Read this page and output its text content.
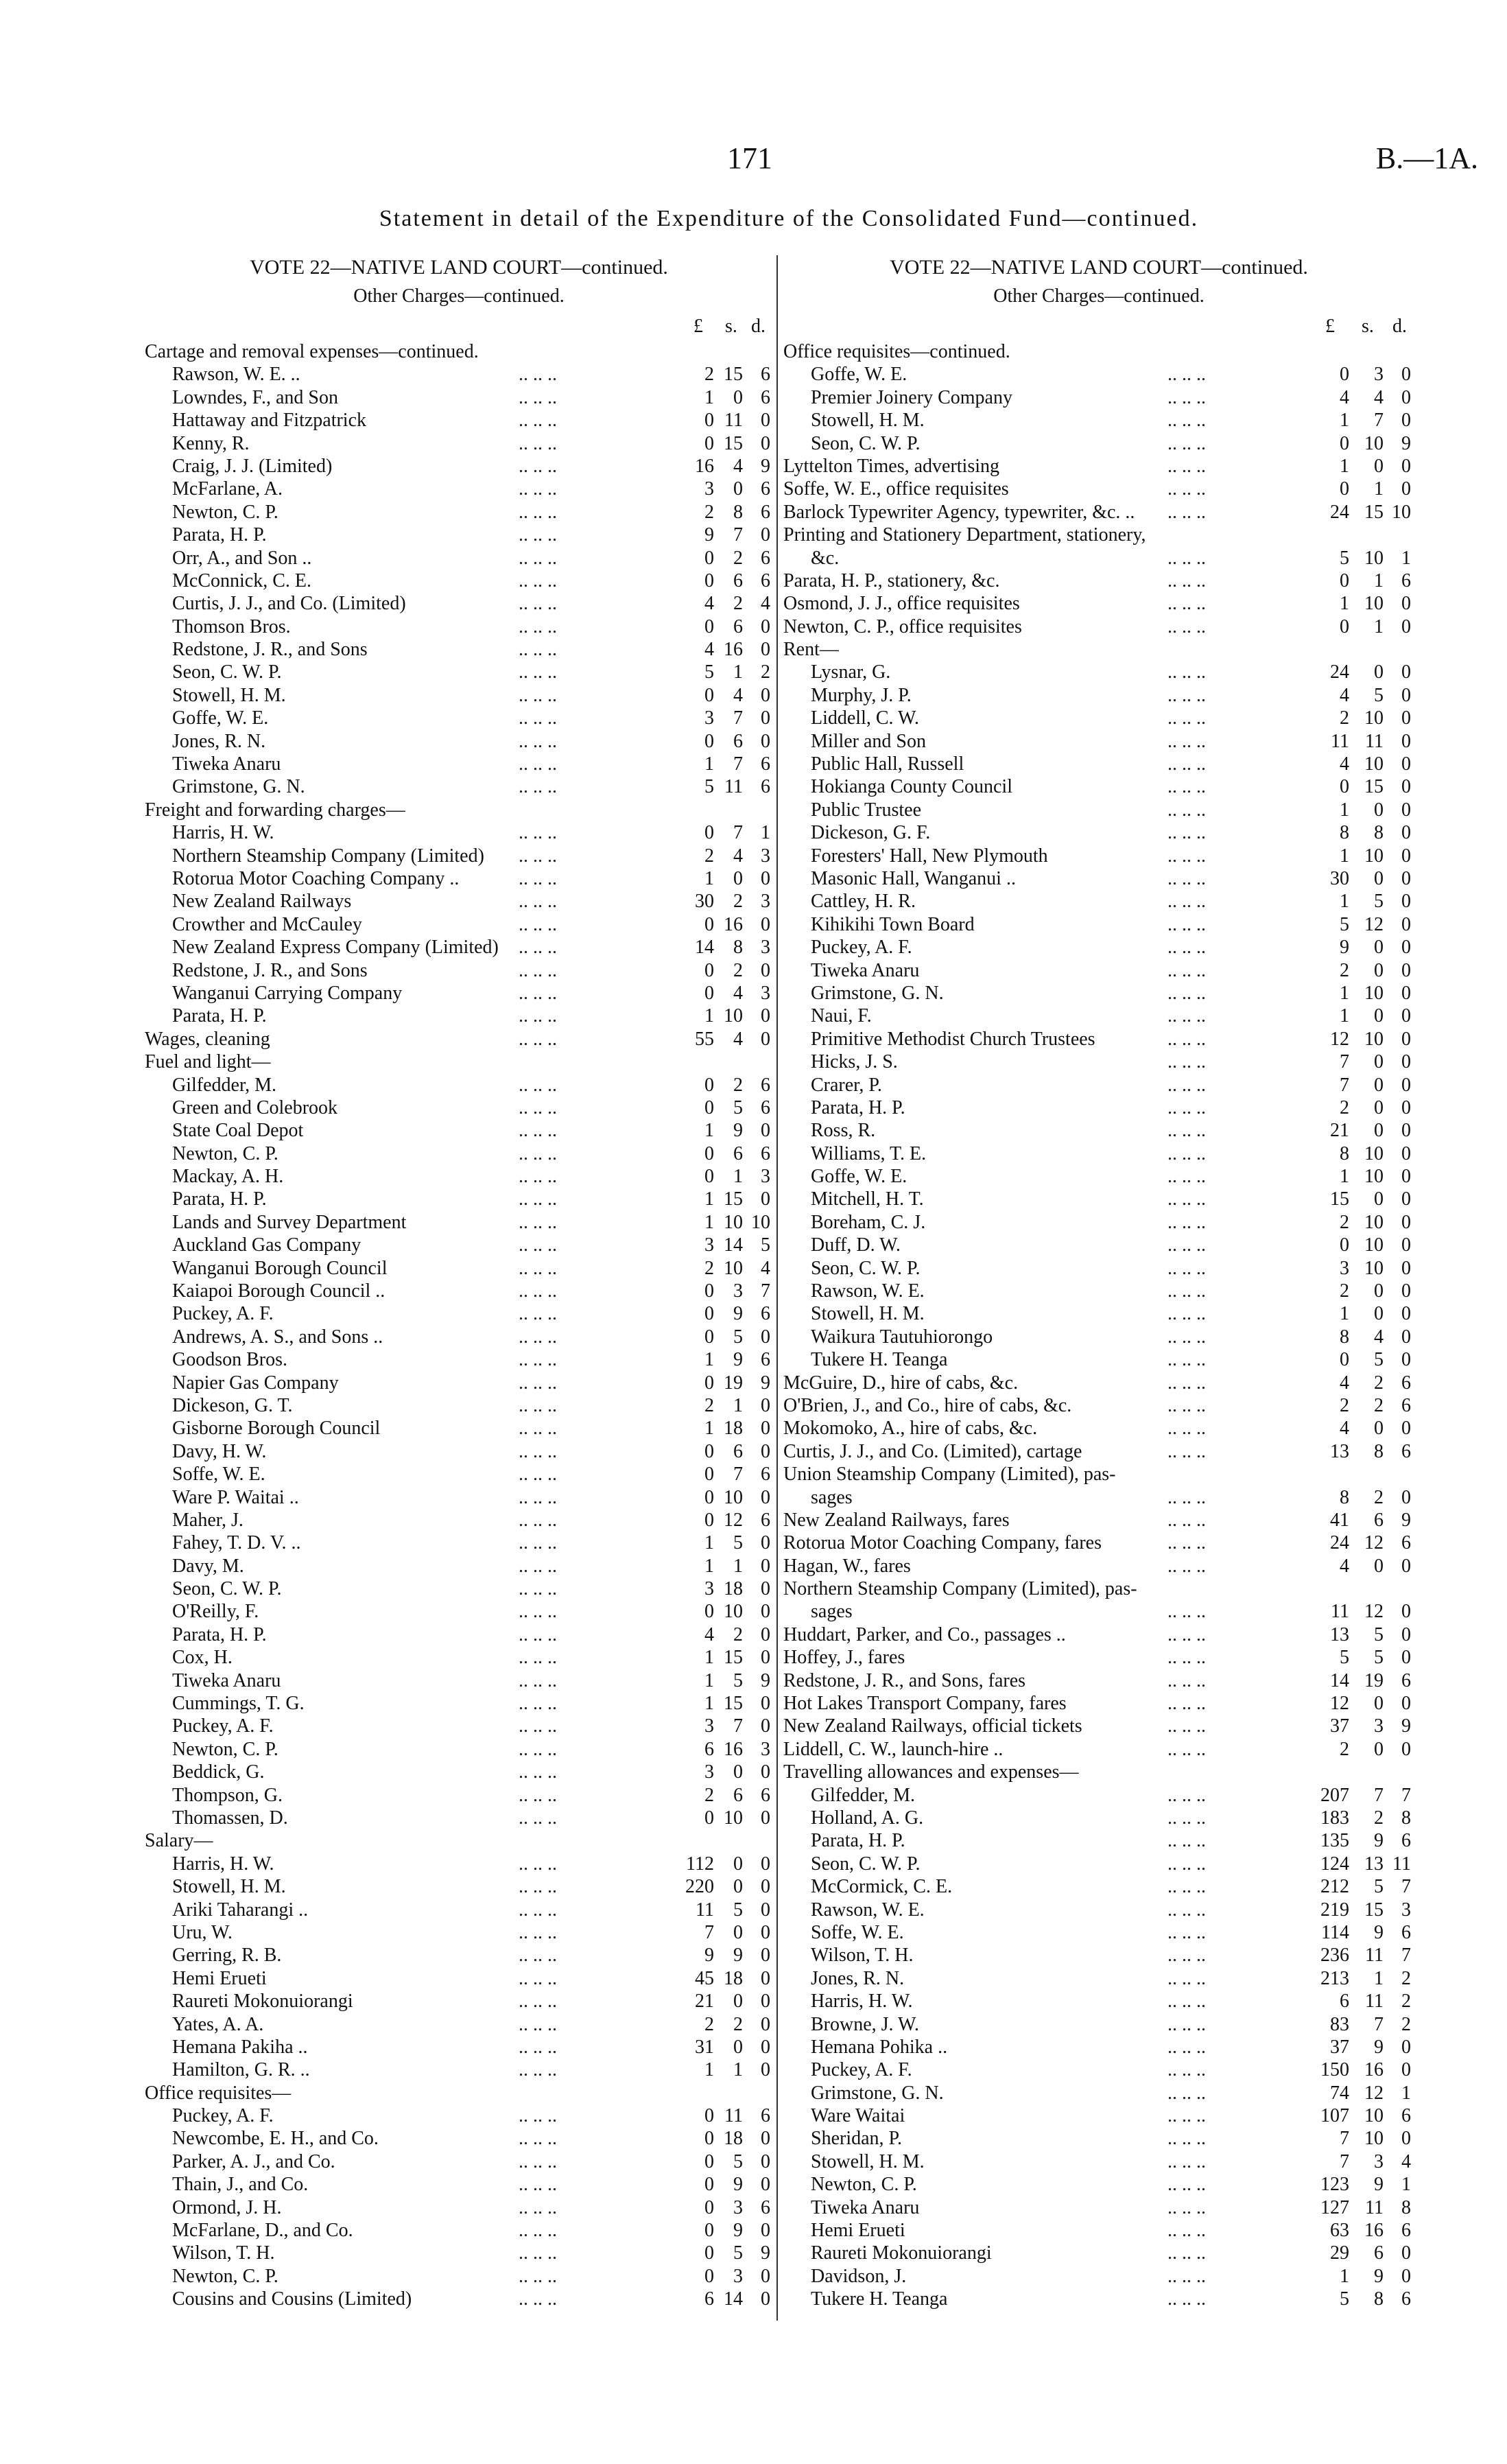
171	B.—1A.
Statement in detail of the Expenditure of the Consolidated Fund—continued.
VOTE 22—NATIVE LAND COURT—continued.
Other Charges—continued.
£ s. d.
Cartage and removal expenses—continued.
Rawson, W. E. ..	.. .. ..	2 15 6
Lowndes, F., and Son	.. .. ..	1	0 6
Hattaway and Fitzpatrick	.. .. ..	0 11 0
Kenny, R.	.. .. ..	0 15 0
Craig, J. J. (Limited)	.. .. ..	16	4 9
McFarlane, A.	.. .. ..	3	0 6
Newton, C. P.	.. .. ..	2	8 6
Parata, H. P.	.. .. ..	9	7 0
Orr, A., and Son ..	.. .. ..	0	2 6
McConnick, C. E.	.. .. ..	0	6 6
Curtis, J. J., and Co. (Limited)	.. .. ..	4	2 4
Thomson Bros.	.. .. ..	0	6 0
Redstone, J. R., and Sons	.. .. ..	4 16 0
Seon, C. W. P.	.. .. ..	5	1 2
Stowell, H. M.	.. .. ..	0	4 0
Goffe, W. E.	.. .. ..	3	7 0
Jones, R. N.	.. .. ..	0	6 0
Tiweka Anaru	.. .. ..	1	7 6
Grimstone, G. N.	.. .. ..	5 11 6
Freight and forwarding charges—
Harris, H. W.	.. .. ..	0	7 1
Northern Steamship Company (Limited) .. .. ..	2	4 3
Rotorua Motor Coaching Company ..	.. .. ..	1	0 0
New Zealand Railways	.. .. ..	30	2 3
Crowther and McCauley	.. .. ..	0 16 0
New Zealand Express Company (Limited) .. .. ..	14	8 3
Redstone, J. R., and Sons	.. .. ..	0	2 0
Wanganui Carrying Company	.. .. ..	0	4 3
Parata, H. P.	.. .. ..	1 10 0
Wages, cleaning	.. .. ..	55	4 0
Fuel and light—
Gilfedder, M.	.. .. ..	0	2 6
Green and Colebrook	.. .. ..	0	5 6
State Coal Depot	.. .. ..	1	9 0
Newton, C. P.	.. .. ..	0	6 6
Mackay, A. H.	.. .. ..	0	1 3
Parata, H. P.	.. .. ..	1 15 0
Lands and Survey Department	.. .. ..	1 10 10
Auckland Gas Company	.. .. ..	3 14 5
Wanganui Borough Council	.. .. ..	2 10 4
Kaiapoi Borough Council ..	.. .. ..	0	3 7
Puckey, A. F.	.. .. ..	0	9 6
Andrews, A. S., and Sons ..	.. .. ..	0	5 0
Goodson Bros.	.. .. ..	1	9 6
Napier Gas Company	.. .. ..	0 19 9
Dickeson, G. T.	.. .. ..	2	1 0
Gisborne Borough Council	.. .. ..	1 18 0
Davy, H. W.	.. .. ..	0	6 0
Soffe, W. E.	.. .. ..	0	7 6
Ware P. Waitai ..	.. .. ..	0 10 0
Maher, J.	.. .. ..	0 12 6
Fahey, T. D. V. ..	.. .. ..	1	5 0
Davy, M.	.. .. ..	1	1 0
Seon, C. W. P.	.. .. ..	3 18 0
O'Reilly, F.	.. .. ..	0 10 0
Parata, H. P.	.. .. ..	4	2 0
Cox, H.	.. .. ..	1 15 0
Tiweka Anaru	.. .. ..	1	5 9
Cummings, T. G.	.. .. ..	1 15 0
Puckey, A. F.	.. .. ..	3	7 0
Newton, C. P.	.. .. ..	6 16 3
Beddick, G.	.. .. ..	3	0 0
Thompson, G.	.. .. ..	2	6 6
Thomassen, D.	.. .. ..	0 10 0
Salary—
Harris, H. W.	.. .. ..	112	0 0
Stowell, H. M.	.. .. ..	220	0 0
Ariki Taharangi ..	.. .. ..	11	5 0
Uru, W.	.. .. ..	7	0 0
Gerring, R. B.	.. .. ..	9	9 0
Hemi Erueti	.. .. ..	45 18 0
Raureti Mokonuiorangi	.. .. ..	21	0 0
Yates, A. A.	.. .. ..	2	2 0
Hemana Pakiha ..	.. .. ..	31	0 0
Hamilton, G. R. ..	.. .. ..	1	1 0
Office requisites—
Puckey, A. F.	.. .. ..	0 11 6
Newcombe, E. H., and Co.	.. .. ..	0 18 0
Parker, A. J., and Co.	.. .. ..	0	5 0
Thain, J., and Co.	.. .. ..	0	9 0
Ormond, J. H.	.. .. ..	0	3 6
McFarlane, D., and Co.	.. .. ..	0	9 0
Wilson, T. H.	.. .. ..	0	5 9
Newton, C. P.	.. .. ..	0	3 0
Cousins and Cousins (Limited)	.. .. ..	6 14 0
VOTE 22—NATIVE LAND COURT—continued.
Other Charges—continued.
£ s. d.
Office requisites—continued.
Goffe, W. E.	.. .. ..	0	3 0
Premier Joinery Company	.. .. ..	4	4 0
Stowell, H. M.	.. .. ..	1	7 0
Seon, C. W. P.	.. .. ..	0 10 9
Lyttelton Times, advertising	.. .. ..	1	0 0
Soffe, W. E., office requisites	.. .. ..	0	1 0
Barlock Typewriter Agency, typewriter, &c. .. .. .. ..	24 15 10
Printing and Stationery Department, stationery,
&c.	.. .. ..	5 10 1
Parata, H. P., stationery, &c.	.. .. ..	0	1 6
Osmond, J. J., office requisites	.. .. ..	1 10 0
Newton, C. P., office requisites	.. .. ..	0	1 0
Rent—
Lysnar, G.	.. .. ..	24	0 0
Murphy, J. P.	.. .. ..	4	5 0
Liddell, C. W.	.. .. ..	2 10 0
Miller and Son	.. .. ..	11 11 0
Public Hall, Russell	.. .. ..	4 10 0
Hokianga County Council	.. .. ..	0 15 0
Public Trustee	.. .. ..	1	0 0
Dickeson, G. F.	.. .. ..	8	8 0
Foresters' Hall, New Plymouth	.. .. ..	1 10 0
Masonic Hall, Wanganui ..	.. .. ..	30	0 0
Cattley, H. R.	.. .. ..	1	5 0
Kihikihi Town Board	.. .. ..	5 12 0
Puckey, A. F.	.. .. ..	9	0 0
Tiweka Anaru	.. .. ..	2	0 0
Grimstone, G. N.	.. .. ..	1 10 0
Naui, F.	.. .. ..	1	0 0
Primitive Methodist Church Trustees	.. .. ..	12 10 0
Hicks, J. S.	.. .. ..	7	0 0
Crarer, P.	.. .. ..	7	0 0
Parata, H. P.	.. .. ..	2	0 0
Ross, R.	.. .. ..	21	0 0
Williams, T. E.	.. .. ..	8 10 0
Goffe, W. E.	.. .. ..	1 10 0
Mitchell, H. T.	.. .. ..	15	0 0
Boreham, C. J.	.. .. ..	2 10 0
Duff, D. W.	.. .. ..	0 10 0
Seon, C. W. P.	.. .. ..	3 10 0
Rawson, W. E.	.. .. ..	2	0 0
Stowell, H. M.	.. .. ..	1	0 0
Waikura Tautuhiorongo	.. .. ..	8	4 0
Tukere H. Teanga	.. .. ..	0	5 0
McGuire, D., hire of cabs, &c.	.. .. ..	4	2 6
O'Brien, J., and Co., hire of cabs, &c.	.. .. ..	2	2 6
Mokomoko, A., hire of cabs, &c.	.. .. ..	4	0 0
Curtis, J. J., and Co. (Limited), cartage	.. .. ..	13	8 6
Union Steamship Company (Limited), pas-
sages	.. .. ..	8	2 0
New Zealand Railways, fares	.. .. ..	41	6 9
Rotorua Motor Coaching Company, fares	.. .. ..	24 12 6
Hagan, W., fares	.. .. ..	4	0 0
Northern Steamship Company (Limited), pas-
sages	.. .. ..	11 12 0
Huddart, Parker, and Co., passages ..	.. .. ..	13	5 0
Hoffey, J., fares	.. .. ..	5	5 0
Redstone, J. R., and Sons, fares	.. .. ..	14 19 6
Hot Lakes Transport Company, fares	.. .. ..	12	0 0
New Zealand Railways, official tickets	.. .. ..	37	3 9
Liddell, C. W., launch-hire ..	.. .. ..	2	0 0
Travelling allowances and expenses—
Gilfedder, M.	.. .. ..	207	7 7
Holland, A. G.	.. .. ..	183	2 8
Parata, H. P.	.. .. ..	135	9 6
Seon, C. W. P.	.. .. ..	124 13 11
McCormick, C. E.	.. .. ..	212	5 7
Rawson, W. E.	.. .. ..	219 15 3
Soffe, W. E.	.. .. ..	114	9 6
Wilson, T. H.	.. .. ..	236 11 7
Jones, R. N.	.. .. ..	213	1 2
Harris, H. W.	.. .. ..	6 11 2
Browne, J. W.	.. .. ..	83	7 2
Hemana Pohika ..	.. .. ..	37	9 0
Puckey, A. F.	.. .. ..	150 16 0
Grimstone, G. N.	.. .. ..	74 12 1
Ware Waitai	.. .. ..	107 10 6
Sheridan, P.	.. .. ..	7 10 0
Stowell, H. M.	.. .. ..	7	3 4
Newton, C. P.	.. .. ..	123	9 1
Tiweka Anaru	.. .. ..	127 11 8
Hemi Erueti	.. .. ..	63 16 6
Raureti Mokonuiorangi	.. .. ..	29	6 0
Davidson, J.	.. .. ..	1	9 0
Tukere H. Teanga	.. .. ..	5	8 6
